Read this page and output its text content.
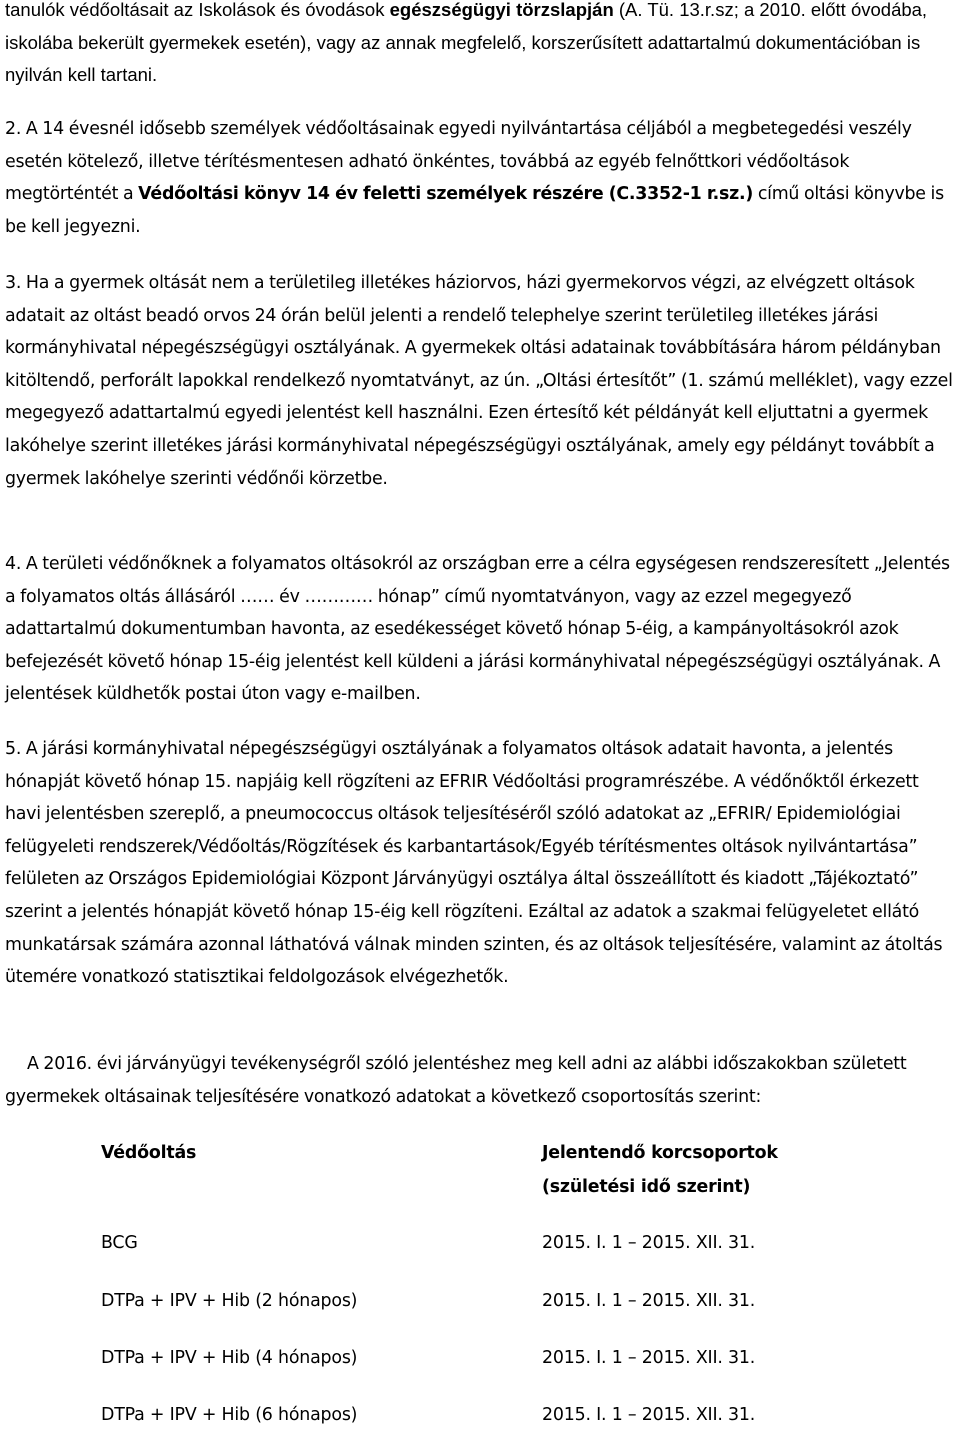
tanulók védőoltásait az Iskolások és óvodások egészségügyi törzslapján (A. Tü. 13.r.sz; a 2010. előtt óvodába, iskolába bekerült gyermekek esetén), vagy az annak megfelelő, korszerűsített adattartalmú dokumentációban is nyilván kell tartani.

2. A 14 évesnél idősebb személyek védőoltásainak egyedi nyilvántartása céljából a megbetegedési veszély esetén kötelező, illetve térítésmentesen adható önkéntes, továbbá az egyéb felnőttkori védőoltások megtörténtét a Védőoltási könyv 14 év feletti személyek részére (C.3352-1 r.sz.) című oltási könyvbe is be kell jegyezni.

3. Ha a gyermek oltását nem a területileg illetékes háziorvos, házi gyermekorvos végzi, az elvégzett oltások adatait az oltást beadó orvos 24 órán belül jelenti a rendelő telephelye szerint területileg illetékes járási kormányhivatal népegészségügyi osztályának. A gyermekek oltási adatainak továbbítására három példányban kitöltendő, perforált lapokkal rendelkező nyomtatványt, az ún. „Oltási értesítőt” (1. számú melléklet), vagy ezzel megegyező adattartalmú egyedi jelentést kell használni. Ezen értesítő két példányát kell eljuttatni a gyermek lakóhelye szerint illetékes járási kormányhivatal népegészségügyi osztályának, amely egy példányt továbbít a gyermek lakóhelye szerinti védőnői körzetbe.

4. A területi védőnőknek a folyamatos oltásokról az országban erre a célra egységesen rendszeresített „Jelentés a folyamatos oltás állásáról …… év ………… hónap” című nyomtatványon, vagy az ezzel megegyező adattartalmú dokumentumban havonta, az esedékességet követő hónap 5-éig, a kampányoltásokról azok befejezését követő hónap 15-éig jelentést kell küldeni a járási kormányhivatal népegészségügyi osztályának. A jelentések küldhetők postai úton vagy e-mailben.

5. A járási kormányhivatal népegészségügyi osztályának a folyamatos oltások adatait havonta, a jelentés hónapját követő hónap 15. napjáig kell rögzíteni az EFRIR Védőoltási programrészébe. A védőnőktől érkezett havi jelentésben szereplő, a pneumococcus oltások teljesítéséről szóló adatokat az „EFRIR/ Epidemiológiai felügyeleti rendszerek/Védőoltás/Rögzítések és karbantartások/Egyéb térítésmentes oltások nyilvántartása” felületen az Országos Epidemiológiai Központ Járványügyi osztálya által összeállított és kiadott „Tájékoztató” szerint a jelentés hónapját követő hónap 15-éig kell rögzíteni. Ezáltal az adatok a szakmai felügyeletet ellátó munkatársak számára azonnal láthatóvá válnak minden szinten, és az oltások teljesítésére, valamint az átoltás ütemére vonatkozó statisztikai feldolgozások elvégezhetők.

A 2016. évi járványügyi tevékenységről szóló jelentéshez meg kell adni az alábbi időszakokban született gyermekek oltásainak teljesítésére vonatkozó adatokat a következő csoportosítás szerint:

Védőoltás	Jelentendő korcsoportok
(születési idő szerint)
BCG	2015. I. 1 – 2015. XII. 31.
DTPa + IPV + Hib (2 hónapos)	2015. I. 1 – 2015. XII. 31.
DTPa + IPV + Hib (4 hónapos)	2015. I. 1 – 2015. XII. 31.
DTPa + IPV + Hib (6 hónapos)	2015. I. 1 – 2015. XII. 31.
